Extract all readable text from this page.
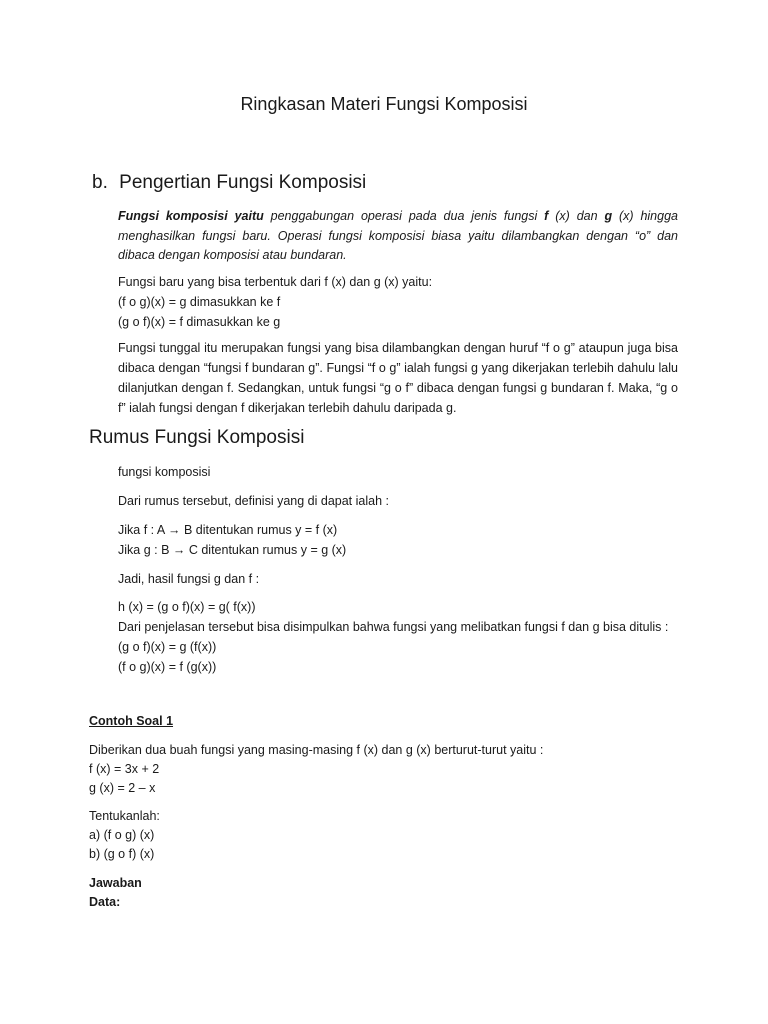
Ringkasan Materi Fungsi Komposisi
b. Pengertian Fungsi Komposisi
Fungsi komposisi yaitu penggabungan operasi pada dua jenis fungsi f (x) dan g (x) hingga menghasilkan fungsi baru. Operasi fungsi komposisi biasa yaitu dilambangkan dengan “o” dan dibaca dengan komposisi atau bundaran.
Fungsi baru yang bisa terbentuk dari f (x) dan g (x) yaitu:
(f o g)(x) = g dimasukkan ke f
(g o f)(x) = f dimasukkan ke g
Fungsi tunggal itu merupakan fungsi yang bisa dilambangkan dengan huruf “f o g” ataupun juga bisa dibaca dengan “fungsi f bundaran g”. Fungsi “f o g” ialah fungsi g yang dikerjakan terlebih dahulu lalu dilanjutkan dengan f. Sedangkan, untuk fungsi “g o f” dibaca dengan fungsi g bundaran f. Maka, “g o f” ialah fungsi dengan f dikerjakan terlebih dahulu daripada g.
Rumus Fungsi Komposisi
fungsi komposisi
Dari rumus tersebut, definisi yang di dapat ialah :
Jika f : A → B ditentukan rumus y = f (x)
Jika g : B → C ditentukan rumus y = g (x)
Jadi, hasil fungsi g dan f :
h (x) = (g o f)(x) = g( f(x))
Dari penjelasan tersebut bisa disimpulkan bahwa fungsi yang melibatkan fungsi f dan g bisa ditulis :
(g o f)(x) = g (f(x))
(f o g)(x) = f (g(x))
Contoh Soal 1
Diberikan dua buah fungsi yang masing-masing f (x) dan g (x) berturut-turut yaitu :
f (x) = 3x + 2
g (x) = 2 – x
Tentukanlah:
a) (f o g) (x)
b) (g o f) (x)
Jawaban
Data:
